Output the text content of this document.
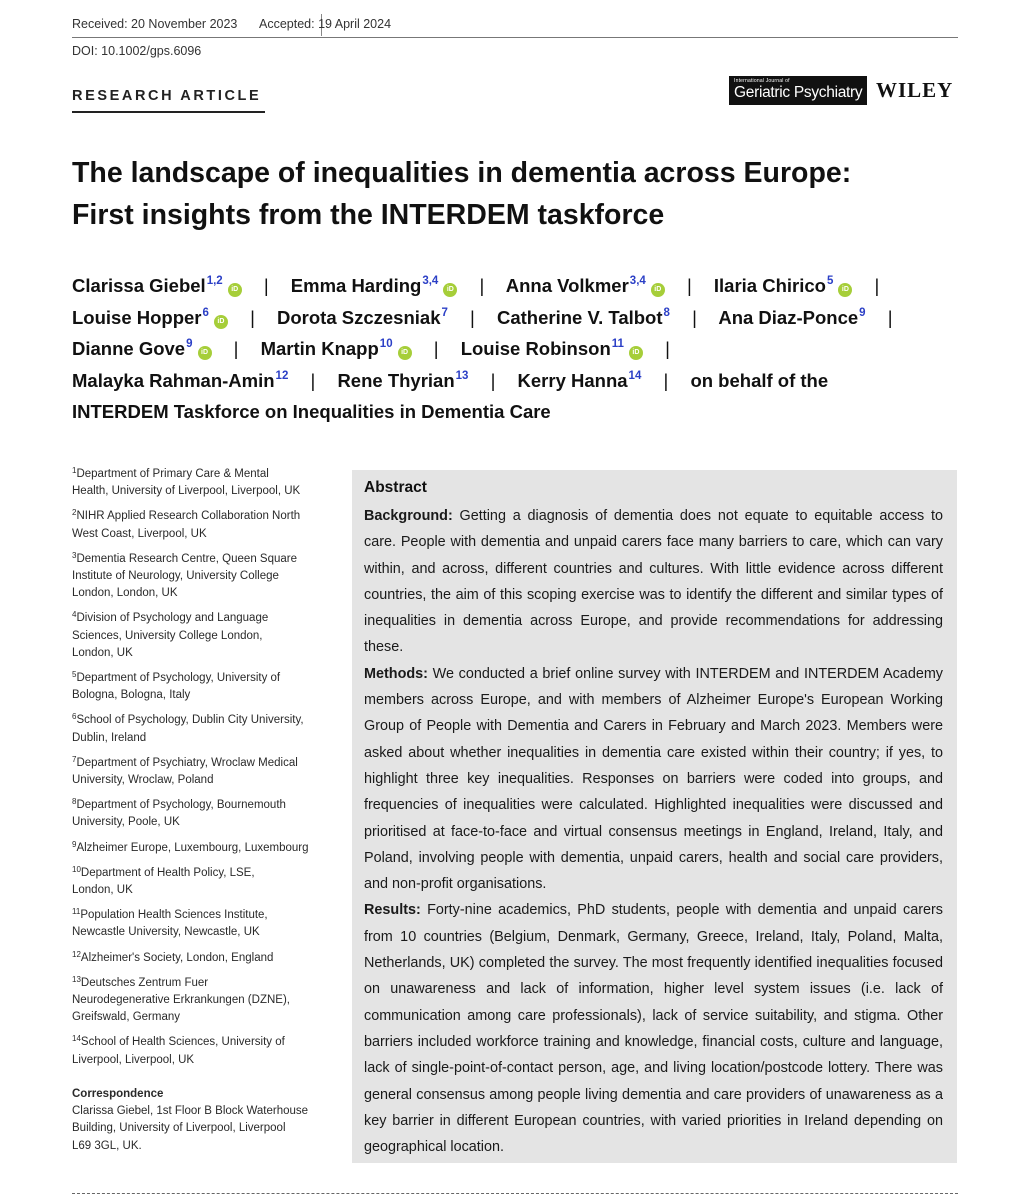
Received: 20 November 2023 Accepted: 19 April 2024
DOI: 10.1002/gps.6096
RESEARCH ARTICLE
International Journal of
Geriatric Psychiatry WILEY
The landscape of inequalities in dementia across Europe:
First insights from the INTERDEM taskforce
Clarissa Giebel$^{1,2}$iD | Emma Harding$^{3,4}$iD | Anna Volkmer$^{3,4}$iD | Ilaria Chirico$^5$iD |
Louise Hopper$^6$iD | Dorota Szczesniak$^7$ | Catherine V. Talbot$^8$ | Ana Diaz-Ponce$^9$ |
Dianne Gove$^9$iD | Martin Knapp$^{10}$iD | Louise Robinson$^{11}$iD |
Malayka Rahman-Amin$^{12}$ | Rene Thyrian$^{13}$ | Kerry Hanna$^{14}$ | on behalf of the
INTERDEM Taskforce on Inequalities in Dementia Care
$^1$Department of Primary Care & Mental
Health, University of Liverpool, Liverpool, UK
$^2$NIHR Applied Research Collaboration North
West Coast, Liverpool, UK
$^3$Dementia Research Centre, Queen Square
Institute of Neurology, University College
London, London, UK
$^4$Division of Psychology and Language
Sciences, University College London,
London, UK
$^5$Department of Psychology, University of
Bologna, Bologna, Italy
$^6$School of Psychology, Dublin City University,
Dublin, Ireland
$^7$Department of Psychiatry, Wroclaw Medical
University, Wroclaw, Poland
$^8$Department of Psychology, Bournemouth
University, Poole, UK
$^9$Alzheimer Europe, Luxembourg, Luxembourg
$^{10}$Department of Health Policy, LSE,
London, UK
$^{11}$Population Health Sciences Institute,
Newcastle University, Newcastle, UK
$^{12}$Alzheimer's Society, London, England
$^{13}$Deutsches Zentrum Fuer
Neurodegenerative Erkrankungen (DZNE),
Greifswald, Germany
$^{14}$School of Health Sciences, University of
Liverpool, Liverpool, UK
Correspondence
Clarissa Giebel, 1st Floor B Block Waterhouse
Building, University of Liverpool, Liverpool
L69 3GL, UK.
Abstract

Background: Getting a diagnosis of dementia does not equate to equitable access to care. People with dementia and unpaid carers face many barriers to care, which can vary within, and across, different countries and cultures. With little evidence across different countries, the aim of this scoping exercise was to identify the different and similar types of inequalities in dementia across Europe, and provide recommendations for addressing these.

Methods: We conducted a brief online survey with INTERDEM and INTERDEM Academy members across Europe, and with members of Alzheimer Europe's European Working Group of People with Dementia and Carers in February and March 2023. Members were asked about whether inequalities in dementia care existed within their country; if yes, to highlight three key inequalities. Responses on barriers were coded into groups, and frequencies of inequalities were calculated. Highlighted inequalities were discussed and prioritised at face-to-face and virtual consensus meetings in England, Ireland, Italy, and Poland, involving people with dementia, unpaid carers, health and social care providers, and non-profit organisations.

Results: Forty-nine academics, PhD students, people with dementia and unpaid carers from 10 countries (Belgium, Denmark, Germany, Greece, Ireland, Italy, Poland, Malta, Netherlands, UK) completed the survey. The most frequently identified inequalities focused on unawareness and lack of information, higher level system issues (i.e. lack of communication among care professionals), lack of service suitability, and stigma. Other barriers included workforce training and knowledge, financial costs, culture and language, lack of single-point-of-contact person, age, and living location/postcode lottery. There was general consensus among people living dementia and care providers of unawareness as a key barrier in different European countries, with varied priorities in Ireland depending on geographical location.
